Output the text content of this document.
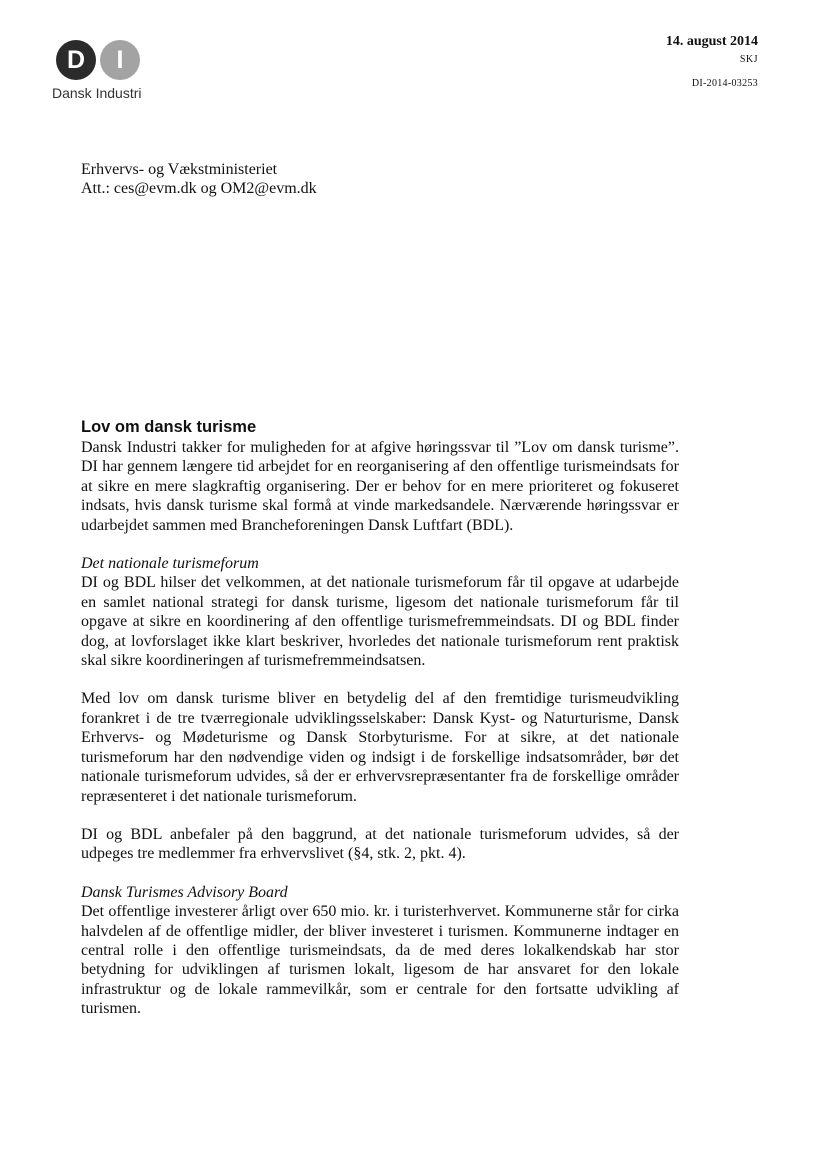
D	I
Dansk Industri
14. august 2014
SKJ
DI-2014-03253
Erhvervs- og Vækstministeriet
Att.: ces@evm.dk og OM2@evm.dk
Lov om dansk turisme

Dansk Industri takker for muligheden for at afgive høringssvar til ”Lov om dansk turisme”. DI har gennem længere tid arbejdet for en reorganisering af den offentlige turismeindsats for at sikre en mere slagkraftig organisering. Der er behov for en mere prioriteret og fokuseret indsats, hvis dansk turisme skal formå at vinde markedsandele. Nærværende høringssvar er udarbejdet sammen med Brancheforeningen Dansk Luftfart (BDL).

Det nationale turismeforum

DI og BDL hilser det velkommen, at det nationale turismeforum får til opgave at udarbejde en samlet national strategi for dansk turisme, ligesom det nationale turismeforum får til opgave at sikre en koordinering af den offentlige turismefremmeindsats. DI og BDL finder dog, at lovforslaget ikke klart beskriver, hvorledes det nationale turismeforum rent praktisk skal sikre koordineringen af turismefremmeindsatsen.

Med lov om dansk turisme bliver en betydelig del af den fremtidige turismeudvikling forankret i de tre tværregionale udviklingsselskaber: Dansk Kyst- og Naturturisme, Dansk Erhvervs- og Mødeturisme og Dansk Storbyturisme. For at sikre, at det nationale turismeforum har den nødvendige viden og indsigt i de forskellige indsatsområder, bør det nationale turismeforum udvides, så der er erhvervsrepræsentanter fra de forskellige områder repræsenteret i det nationale turismeforum.

DI og BDL anbefaler på den baggrund, at det nationale turismeforum udvides, så der udpeges tre medlemmer fra erhvervslivet (§4, stk. 2, pkt. 4).

Dansk Turismes Advisory Board

Det offentlige investerer årligt over 650 mio. kr. i turisterhvervet. Kommunerne står for cirka halvdelen af de offentlige midler, der bliver investeret i turismen. Kommunerne indtager en central rolle i den offentlige turismeindsats, da de med deres lokalkendskab har stor betydning for udviklingen af turismen lokalt, ligesom de har ansvaret for den lokale infrastruktur og de lokale rammevilkår, som er centrale for den fortsatte udvikling af turismen.
